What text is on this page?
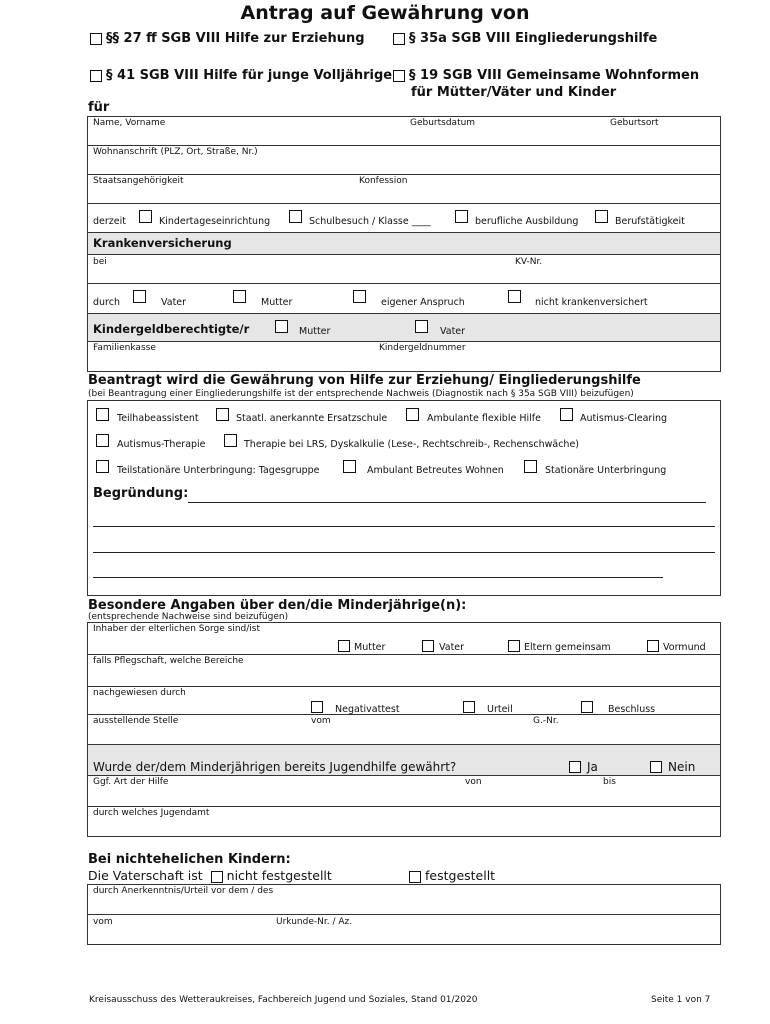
Antrag auf Gewährung von
§§ 27 ff SGB VIII Hilfe zur Erziehung	§ 35a SGB VIII Eingliederungshilfe
§ 41 SGB VIII Hilfe für junge Volljährige	§ 19 SGB VIII Gemeinsame Wohnformen
für Mütter/Väter und Kinder
für
Name, Vorname	Geburtsdatum	Geburtsort
Wohnanschrift (PLZ, Ort, Straße, Nr.)
Staatsangehörigkeit	Konfession
derzeit	Kindertageseinrichtung	Schulbesuch / Klasse ____	berufliche Ausbildung	Berufstätigkeit
Krankenversicherung
bei	KV-Nr.
durch	Vater	Mutter	eigener Anspruch	nicht krankenversichert
Kindergeldberechtigte/r	Mutter	Vater
Familienkasse	Kindergeldnummer
Beantragt wird die Gewährung von Hilfe zur Erziehung/ Eingliederungshilfe
(bei Beantragung einer Eingliederungshilfe ist der entsprechende Nachweis (Diagnostik nach § 35a SGB VIII) beizufügen)
Teilhabeassistent	Staatl. anerkannte Ersatzschule	Ambulante flexible Hilfe	Autismus-Clearing
Autismus-Therapie	Therapie bei LRS, Dyskalkulie (Lese-, Rechtschreib-, Rechenschwäche)
Teilstationäre Unterbringung: Tagesgruppe	Ambulant Betreutes Wohnen	Stationäre Unterbringung
Begründung:
Besondere Angaben über den/die Minderjährige(n):
(entsprechende Nachweise sind beizufügen)
Inhaber der elterlichen Sorge sind/ist
Mutter	Vater	Eltern gemeinsam	Vormund
falls Pflegschaft, welche Bereiche
nachgewiesen durch
Negativattest	Urteil	Beschluss
ausstellende Stelle	vom	G.-Nr.
Wurde der/dem Minderjährigen bereits Jugendhilfe gewährt?	Ja	Nein
Ggf. Art der Hilfe	von	bis
durch welches Jugendamt
Bei nichtehelichen Kindern:
Die Vaterschaft ist nicht festgestellt	festgestellt
durch Anerkenntnis/Urteil vor dem / des
vom	Urkunde-Nr. / Az.
Kreisausschuss des Wetteraukreises, Fachbereich Jugend und Soziales, Stand 01/2020	Seite 1 von 7
